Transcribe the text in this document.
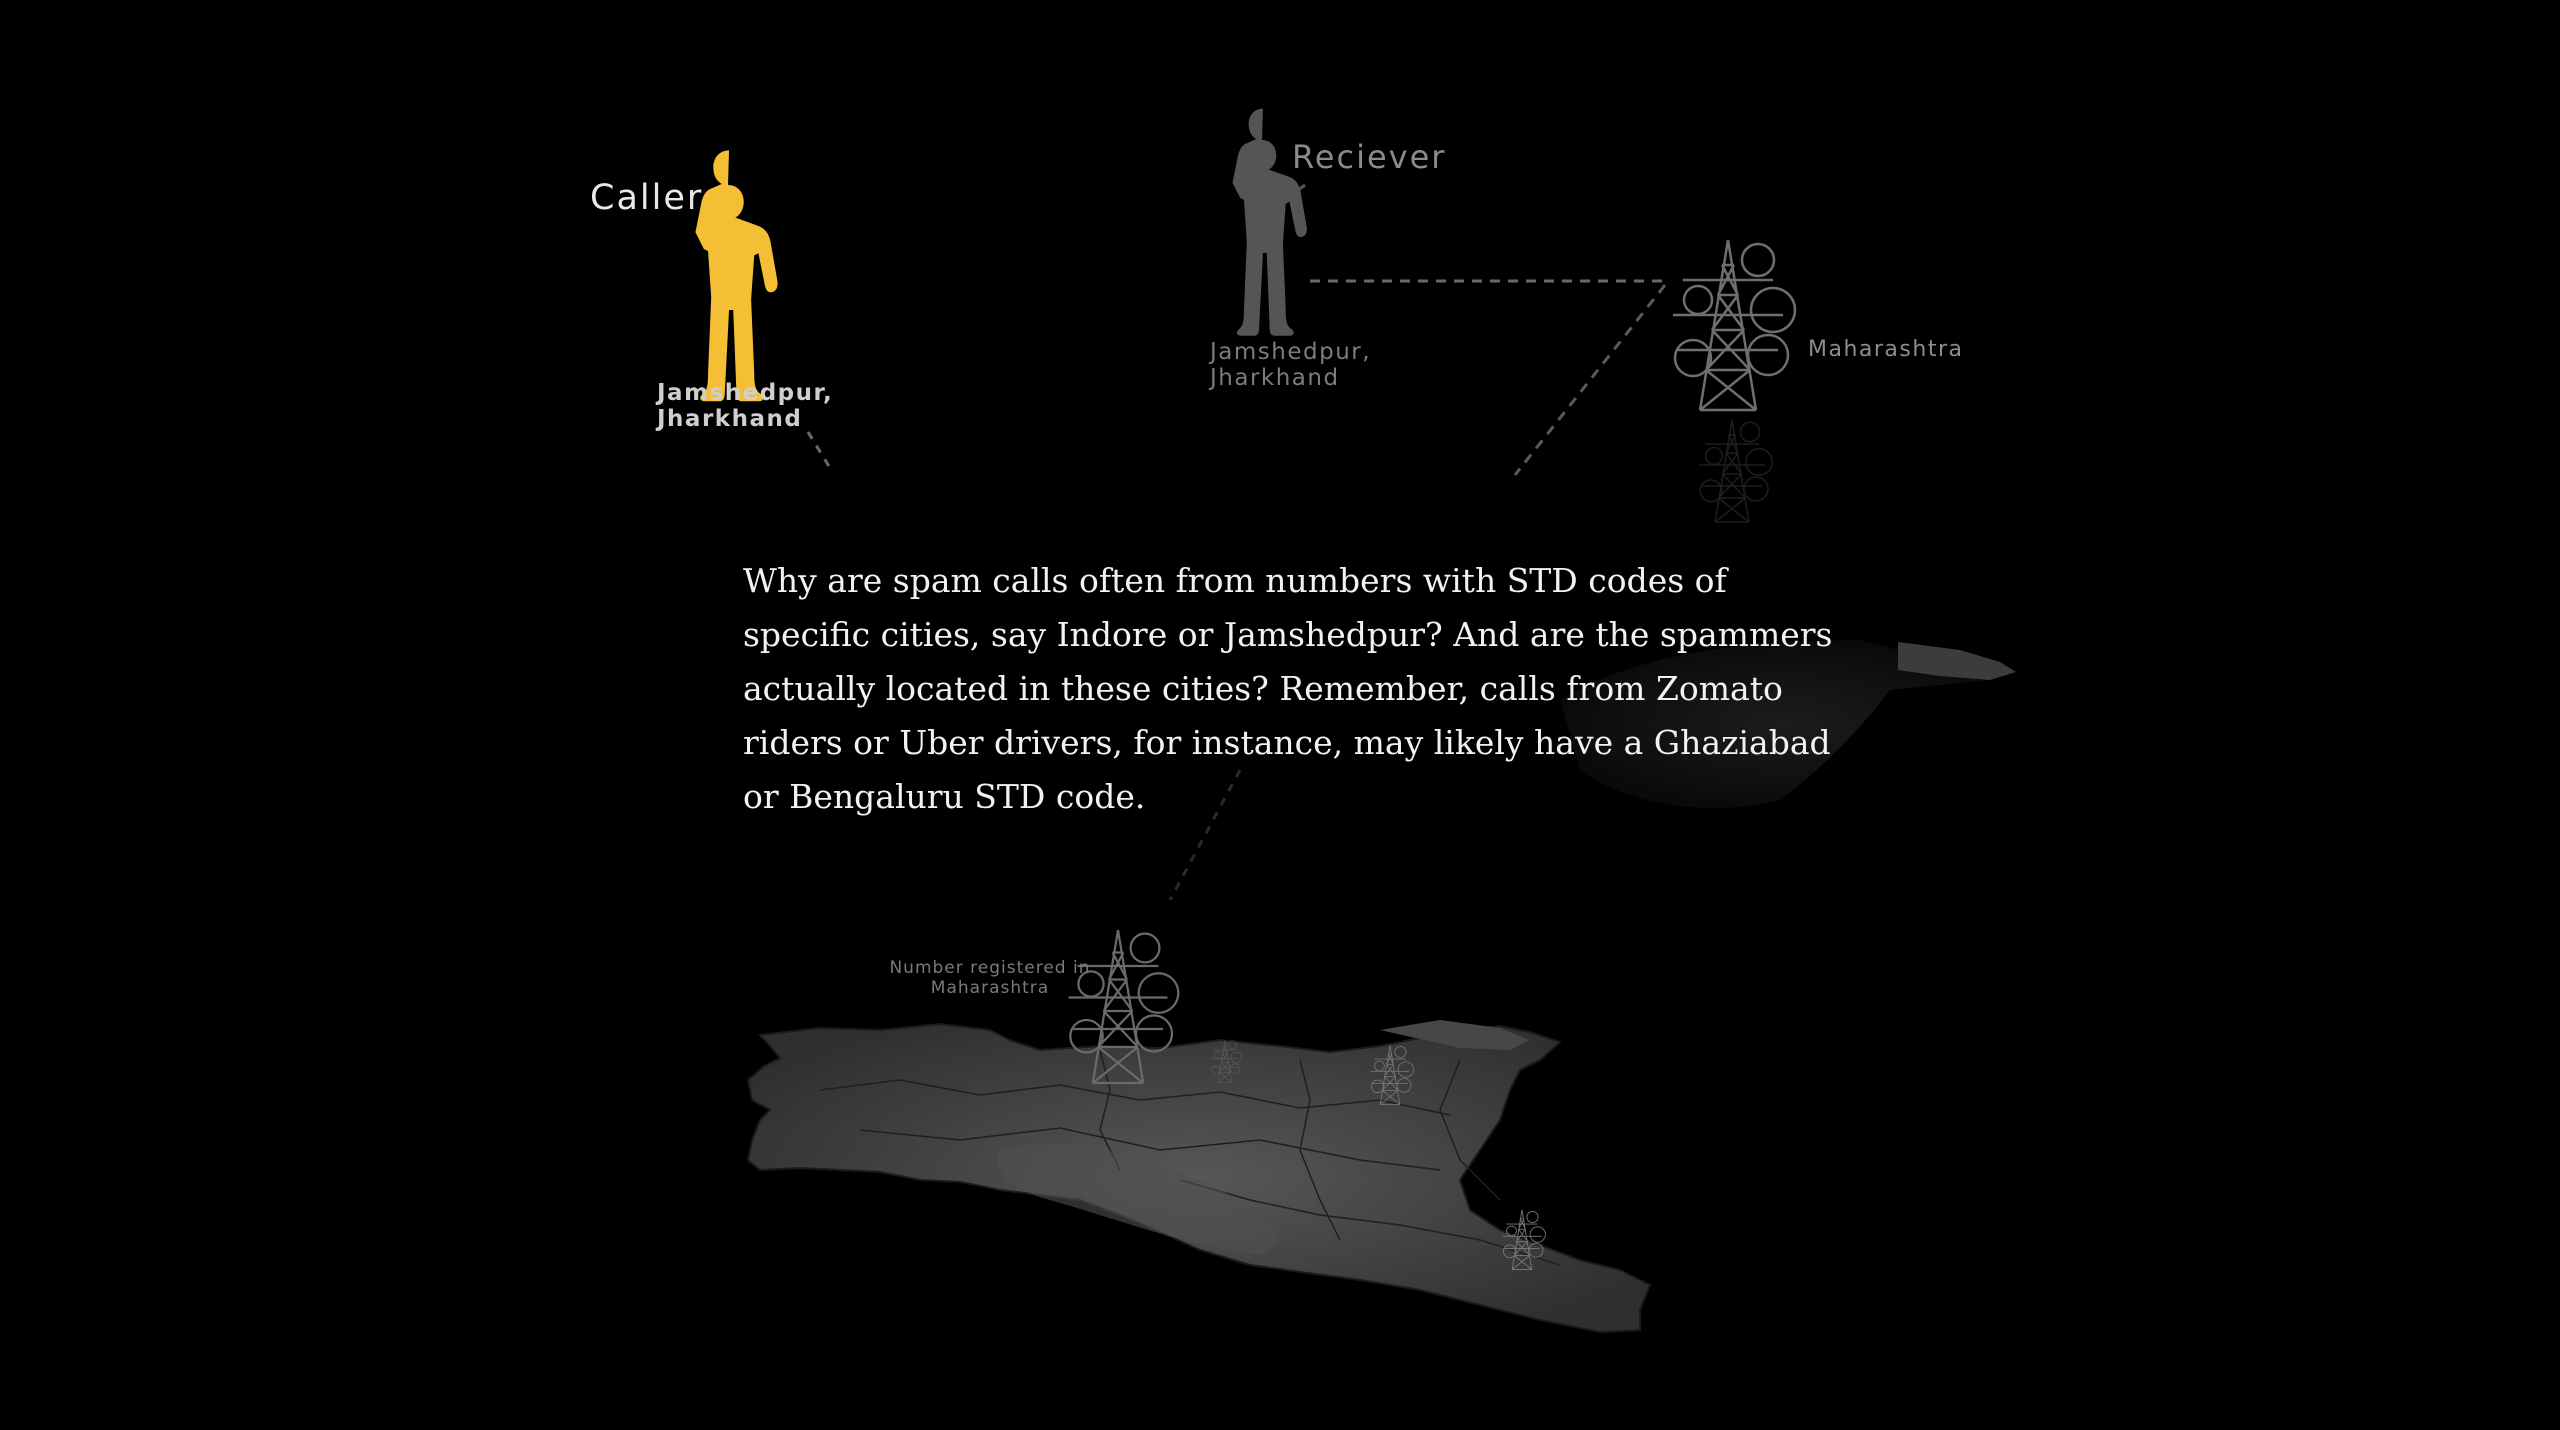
Caller
Jamshedpur, Jharkhand
Reciever
Jamshedpur, Jharkhand
Maharashtra
Number registered in Maharashtra

Why are spam calls often from numbers with STD codes of specific cities, say Indore or Jamshedpur? And are the spammers actually located in these cities? Remember, calls from Zomato riders or Uber drivers, for instance, may likely have a Ghaziabad or Bengaluru STD code.
